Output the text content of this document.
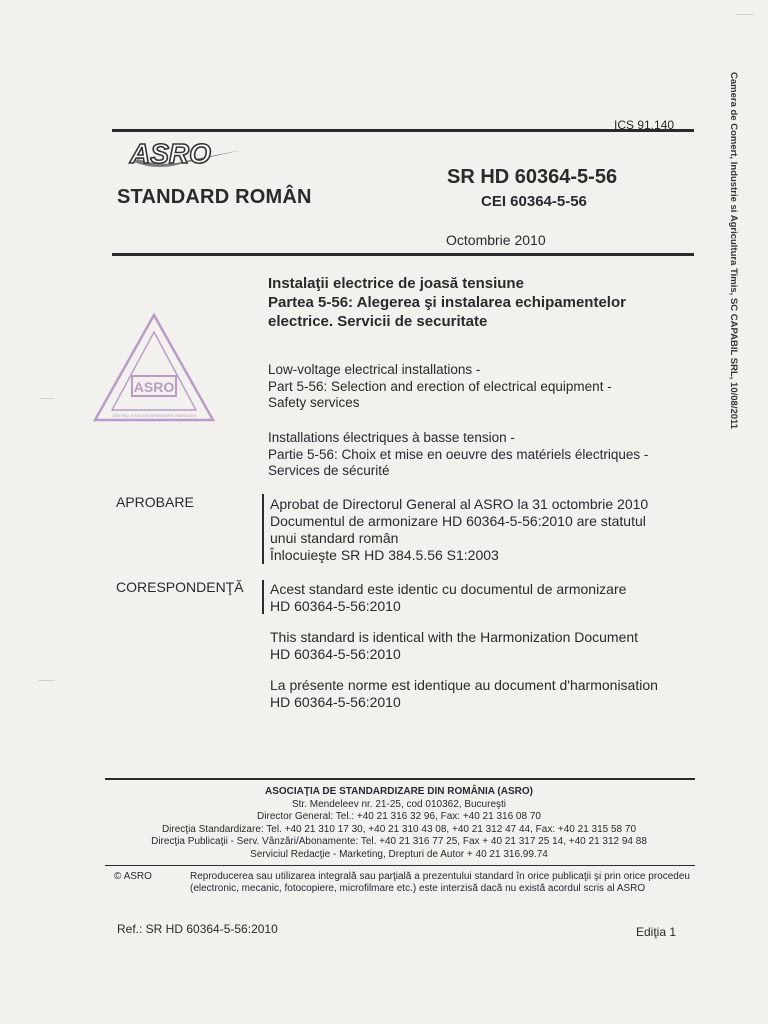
Camera de Comert, Industrie si Agricultura Timis, SC CAPABIL SRL, 10/08/2011
ICS 91.140
ASRO
STANDARD ROMÂN
SR HD 60364-5-56
CEI 60364-5-56
Octombrie 2010
Instalaţii electrice de joasă tensiune
Partea 5-56: Alegerea şi instalarea echipamentelor
electrice. Servicii de securitate
Low-voltage electrical installations -
Part 5-56: Selection and erection of electrical equipment -
Safety services
Installations électriques à basse tension -
Partie 5-56: Choix et mise en oeuvre des matériels électriques -
Services de sécurité
ASRO
CENTRUL STAS DE INFORMARE TIMISOARA
APROBARE	Aprobat de Directorul General al ASRO la 31 octombrie 2010
Documentul de armonizare HD 60364-5-56:2010 are statutul
unui standard român
Înlocuieşte SR HD 384.5.56 S1:2003
CORESPONDENŢĂ Acest standard este identic cu documentul de armonizare
HD 60364-5-56:2010

This standard is identical with the Harmonization Document
HD 60364-5-56:2010

La présente norme est identique au document d'harmonisation
HD 60364-5-56:2010

ASOCIAŢIA DE STANDARDIZARE DIN ROMÂNIA (ASRO)
Str. Mendeleev nr. 21-25, cod 010362, Bucureşti
Director General: Tel.: +40 21 316 32 96, Fax: +40 21 316 08 70
Direcţia Standardizare: Tel. +40 21 310 17 30, +40 21 310 43 08, +40 21 312 47 44, Fax: +40 21 315 58 70
Direcţia Publicaţii - Serv. Vânzări/Abonamente: Tel. +40 21 316 77 25, Fax + 40 21 317 25 14, +40 21 312 94 88
Serviciul Redacţie - Marketing, Drepturi de Autor + 40 21 316.99.74
© ASRO	Reproducerea sau utilizarea integrală sau parţială a prezentului standard în orice publicaţii şi prin orice procedeu (electronic, mecanic, fotocopiere, microfilmare etc.) este interzisă dacă nu există acordul scris al ASRO
Ref.: SR HD 60364-5-56:2010	Ediţia 1
